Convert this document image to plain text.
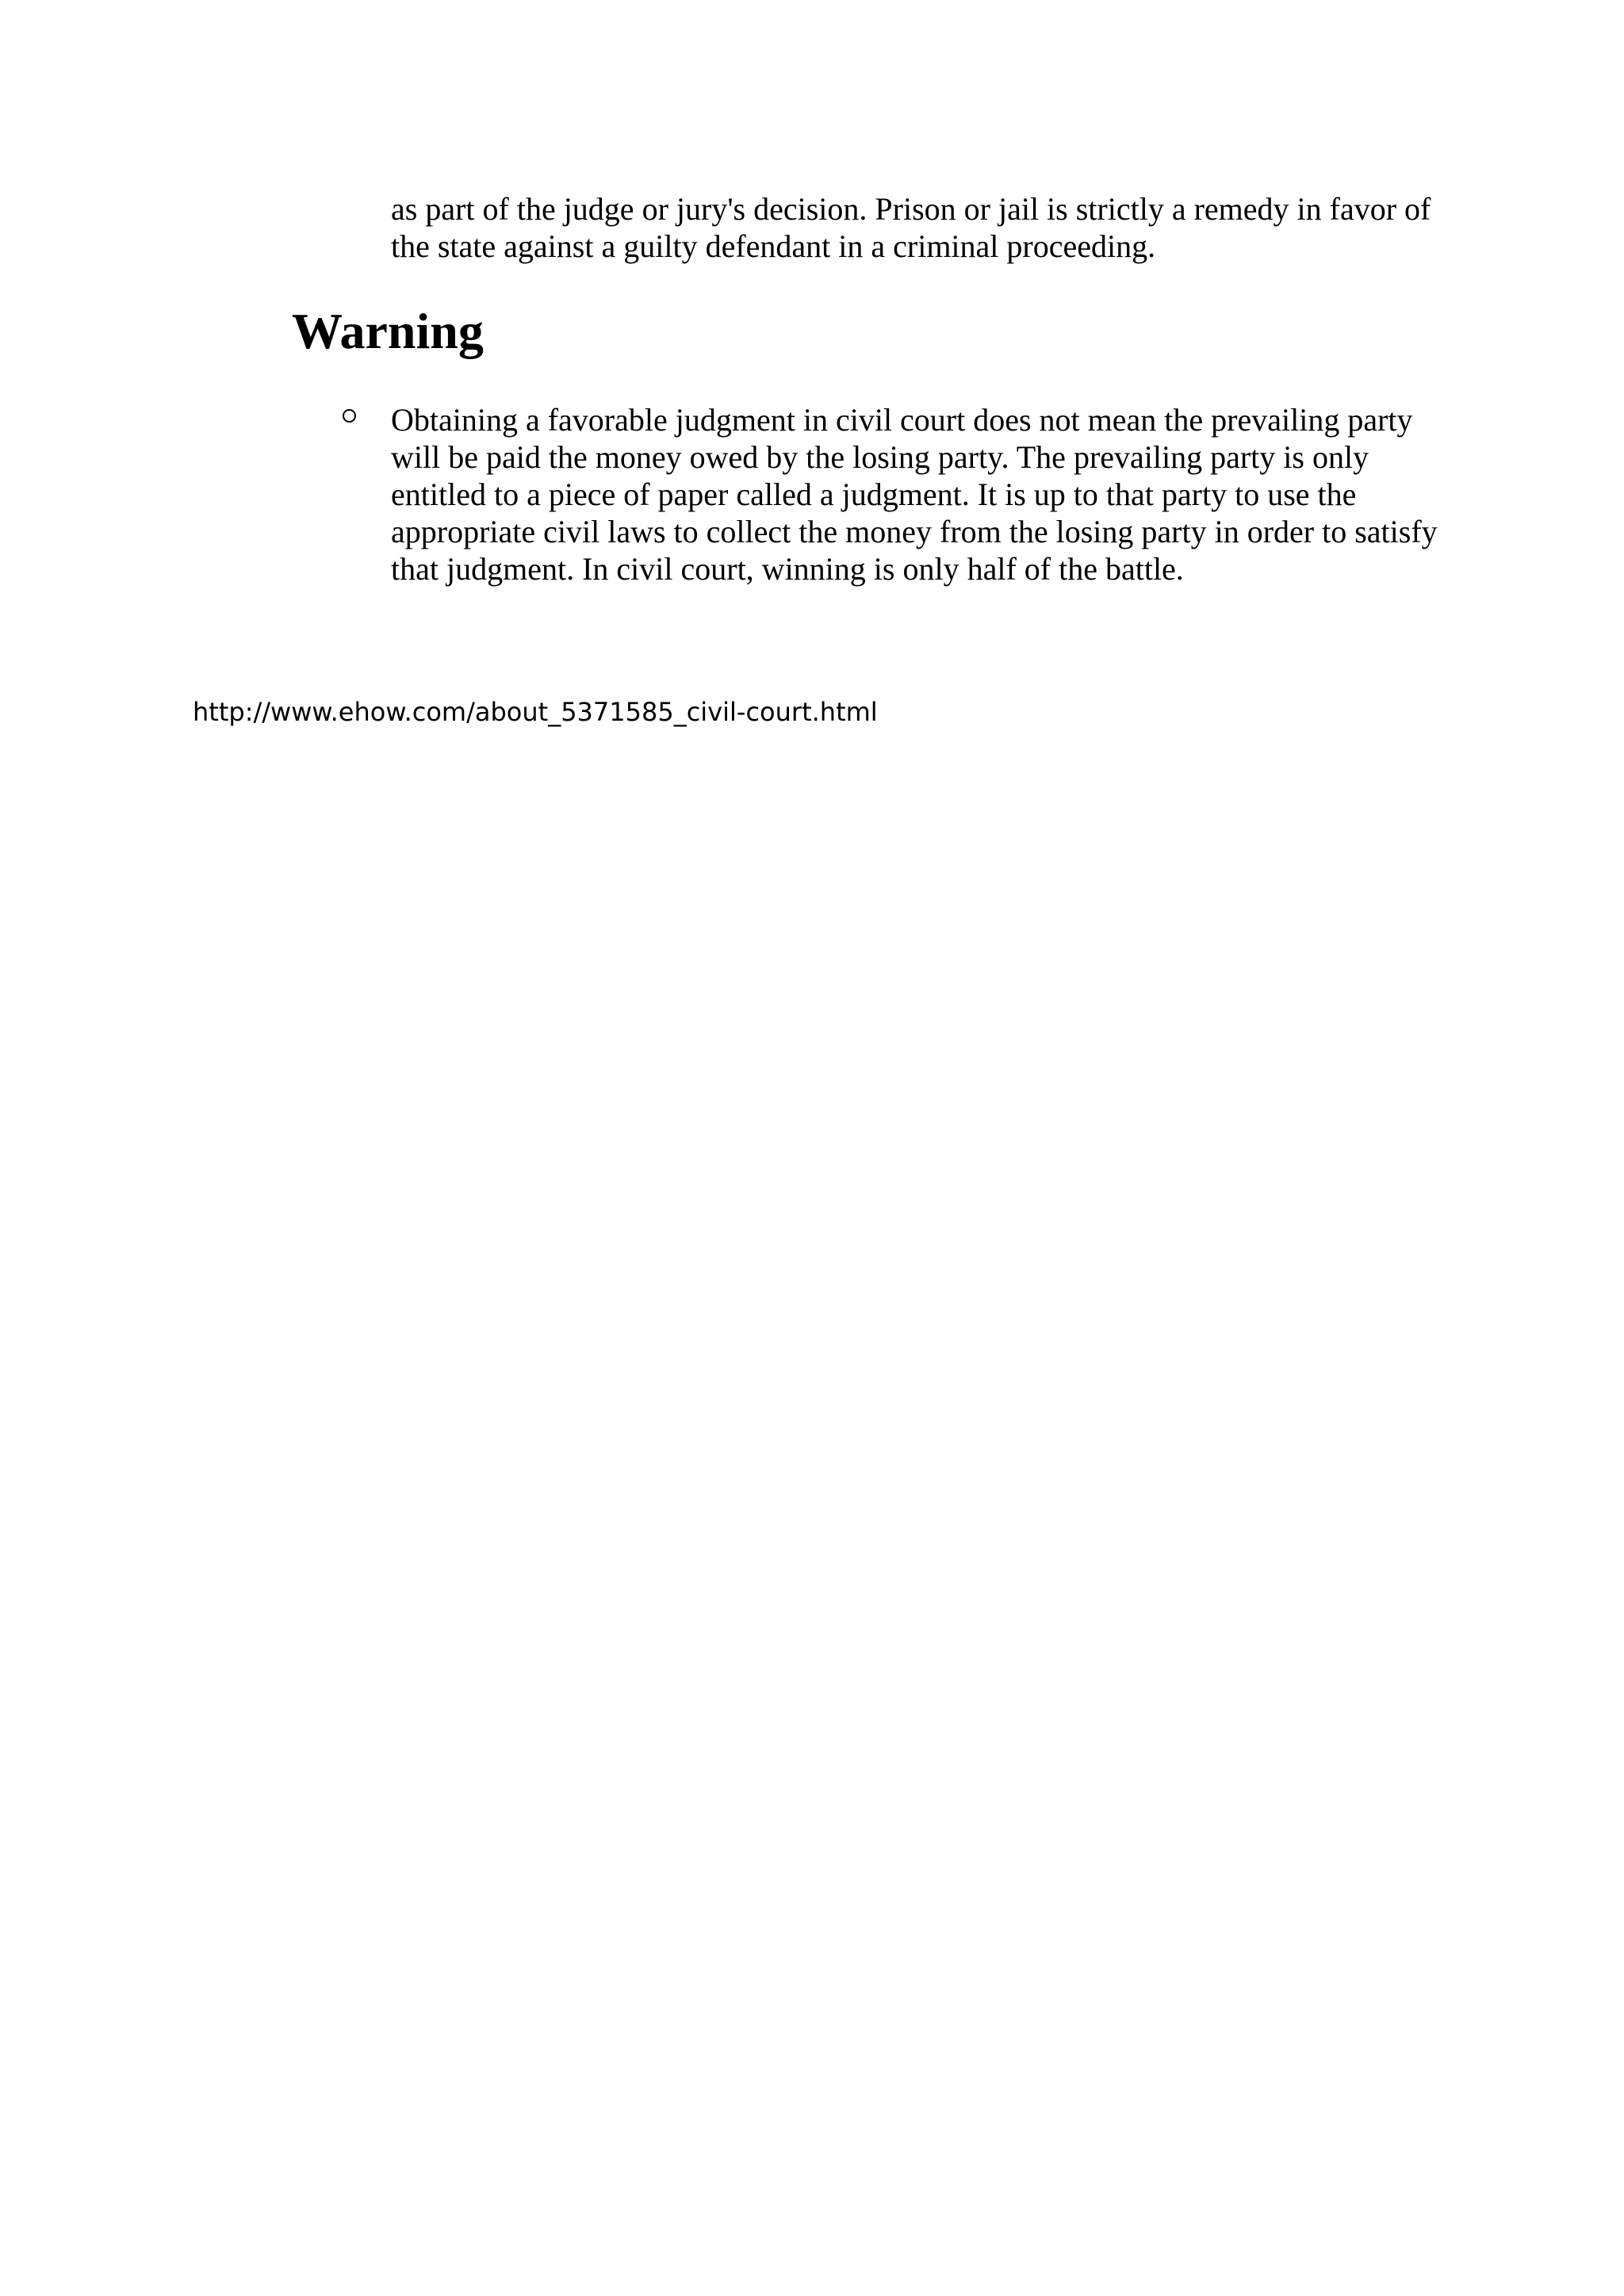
as part of the judge or jury's decision. Prison or jail is strictly a remedy in favor of the state against a guilty defendant in a criminal proceeding.

Warning
Obtaining a favorable judgment in civil court does not mean the prevailing party will be paid the money owed by the losing party. The prevailing party is only entitled to a piece of paper called a judgment. It is up to that party to use the appropriate civil laws to collect the money from the losing party in order to satisfy that judgment. In civil court, winning is only half of the battle.

http://www.ehow.com/about_5371585_civil-court.html
